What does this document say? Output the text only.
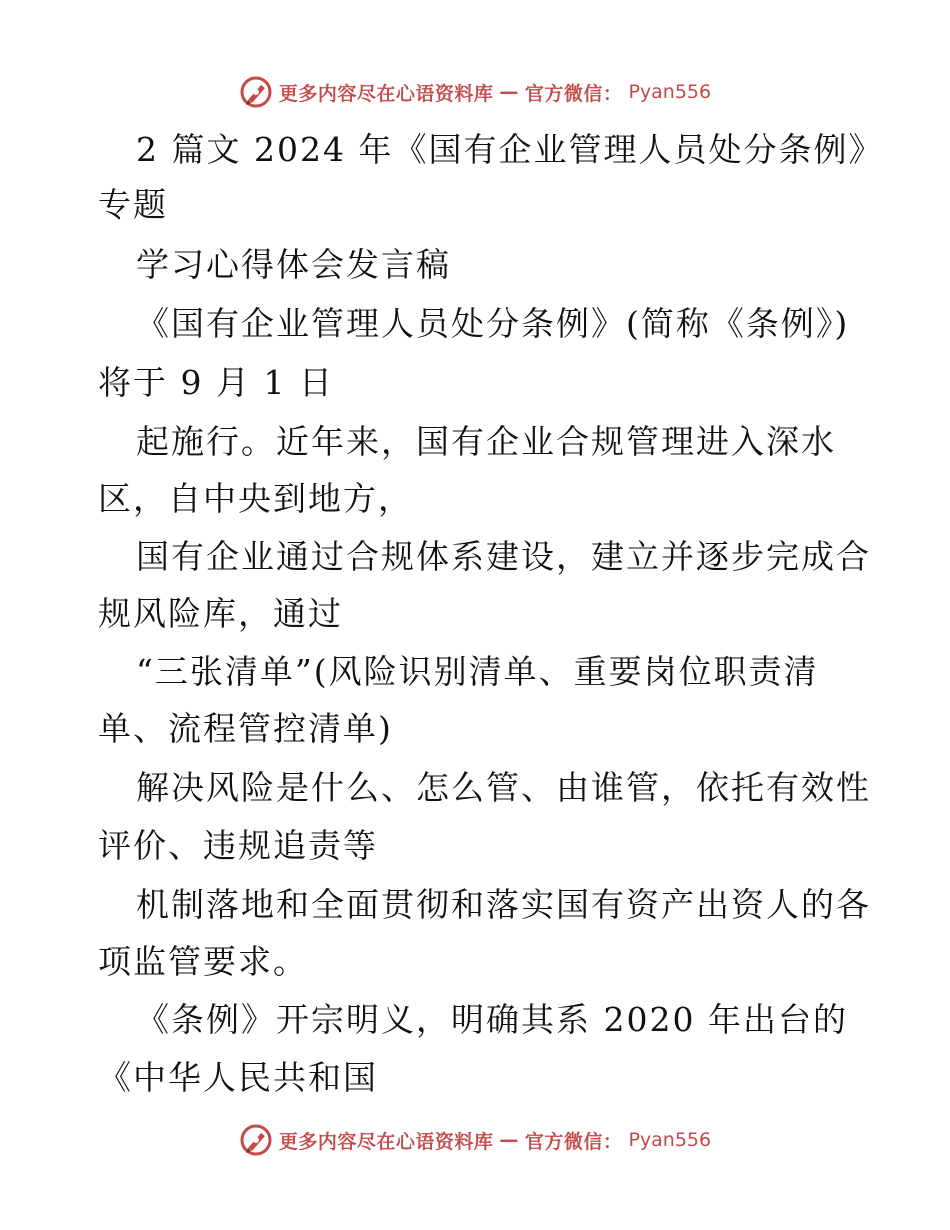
更多内容尽在心语资料库 — 官方微信： Pyan556
2 篇文 2024 年《国有企业管理人员处分条例》
专题
学习心得体会发言稿
《国有企业管理人员处分条例》(简称《条例》)
将于 9 月 1 日
起施行。近年来，国有企业合规管理进入深水
区，自中央到地方，
国有企业通过合规体系建设，建立并逐步完成合
规风险库，通过
“三张清单”(风险识别清单、重要岗位职责清
单、流程管控清单)
解决风险是什么、怎么管、由谁管，依托有效性
评价、违规追责等
机制落地和全面贯彻和落实国有资产出资人的各
项监管要求。
《条例》开宗明义，明确其系 2020 年出台的
《中华人民共和国
更多内容尽在心语资料库 — 官方微信： Pyan556
